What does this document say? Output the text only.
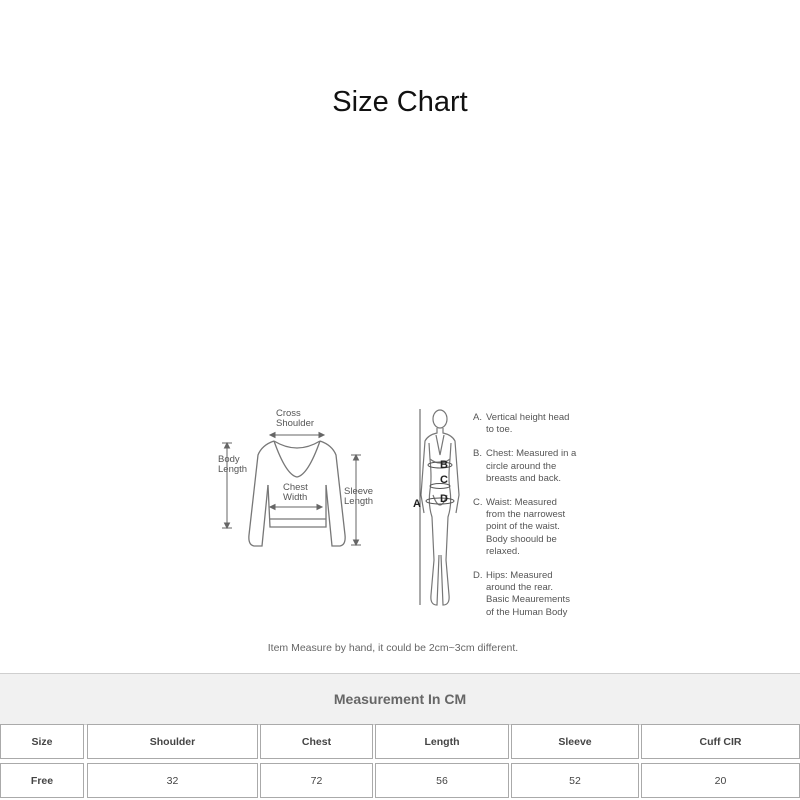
Size Chart
Cross
Shoulder
Body
Length
Chest
Width
Sleeve
Length
B
C
D
A
A. Vertical height head
to toe.
B. Chest: Measured in a
circle around the
breasts and back.
C. Waist: Measured
from the narrowest
point of the waist.
Body shoould be
relaxed.
D. Hips: Measured
around the rear.
Basic Meaurements
of the Human Body
Item Measure by hand, it could be 2cm~3cm different.
Measurement In CM
Size	Shoulder	Chest	Length	Sleeve	Cuff CIR
Free	32	72	56	52	20
